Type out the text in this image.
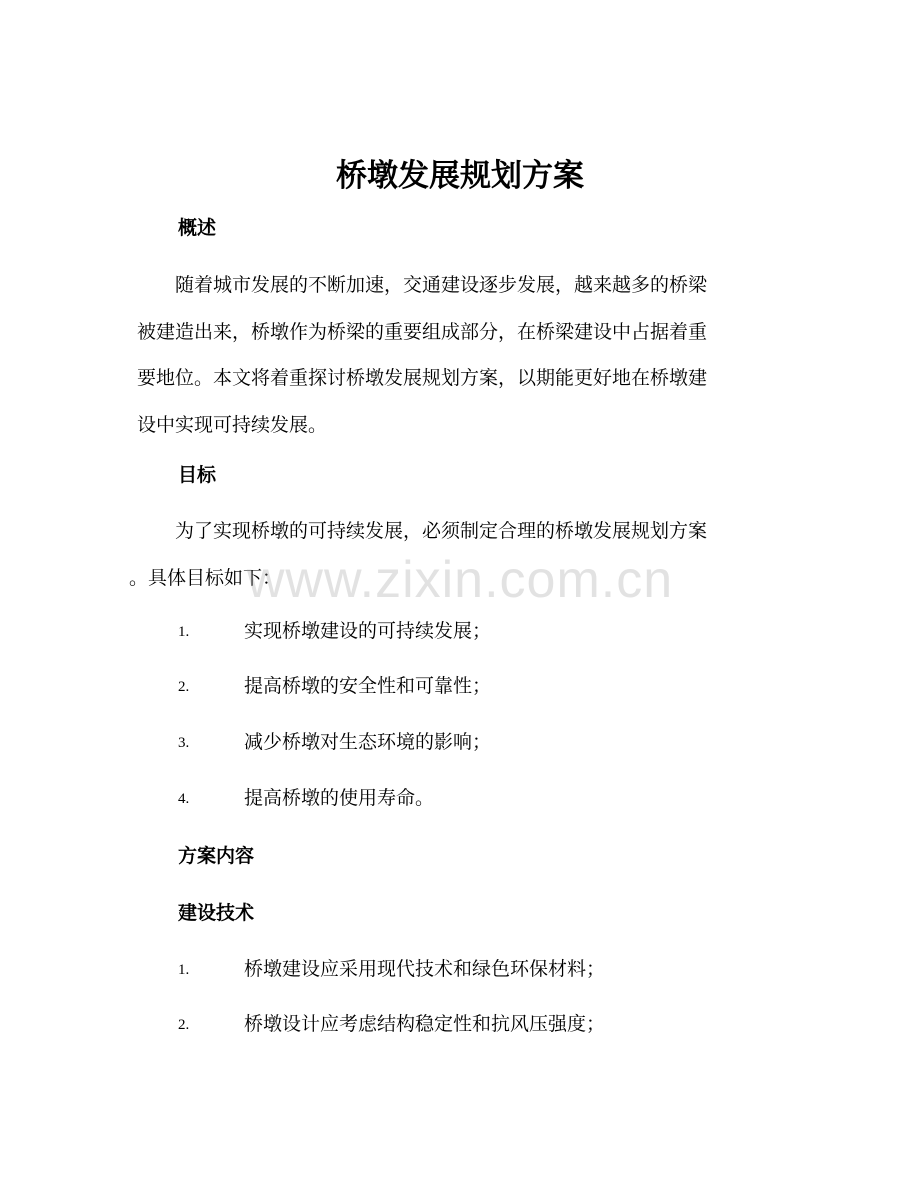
桥墩发展规划方案
概述
　　随着城市发展的不断加速，交通建设逐步发展，越来越多的桥梁
被建造出来，桥墩作为桥梁的重要组成部分，在桥梁建设中占据着重
要地位。本文将着重探讨桥墩发展规划方案，以期能更好地在桥墩建
设中实现可持续发展。
目标
　　为了实现桥墩的可持续发展，必须制定合理的桥墩发展规划方案
。具体目标如下：
1.	实现桥墩建设的可持续发展；
2.	提高桥墩的安全性和可靠性；
3.	减少桥墩对生态环境的影响；
4.	提高桥墩的使用寿命。
方案内容
建设技术
1.	桥墩建设应采用现代技术和绿色环保材料；
2.	桥墩设计应考虑结构稳定性和抗风压强度；
www.zixin.com.cn
